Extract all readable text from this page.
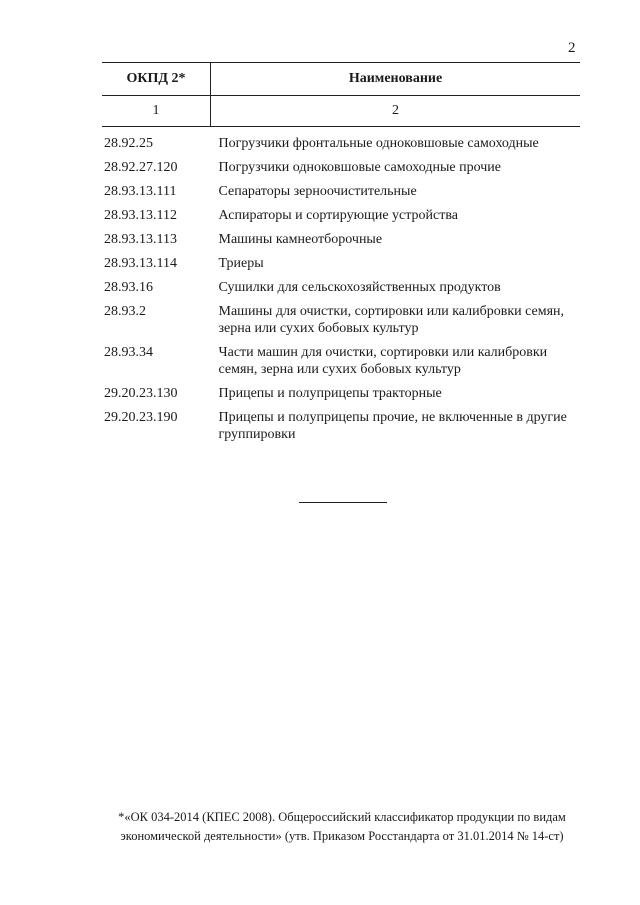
2
ОКПД 2*	Наименование
1	2
28.92.25	Погрузчики фронтальные одноковшовые самоходные
28.92.27.120	Погрузчики одноковшовые самоходные прочие
28.93.13.111	Сепараторы зерноочистительные
28.93.13.112	Аспираторы и сортирующие устройства
28.93.13.113	Машины камнеотборочные
28.93.13.114	Триеры
28.93.16	Сушилки для сельскохозяйственных продуктов
28.93.2	Машины для очистки, сортировки или калибровки семян, зерна или сухих бобовых культур
28.93.34	Части машин для очистки, сортировки или калибровки семян, зерна или сухих бобовых культур
29.20.23.130	Прицепы и полуприцепы тракторные
29.20.23.190	Прицепы и полуприцепы прочие, не включенные в другие группировки
*«ОК 034-2014 (КПЕС 2008). Общероссийский классификатор продукции по видам экономической деятельности» (утв. Приказом Росстандарта от 31.01.2014 № 14-ст)
